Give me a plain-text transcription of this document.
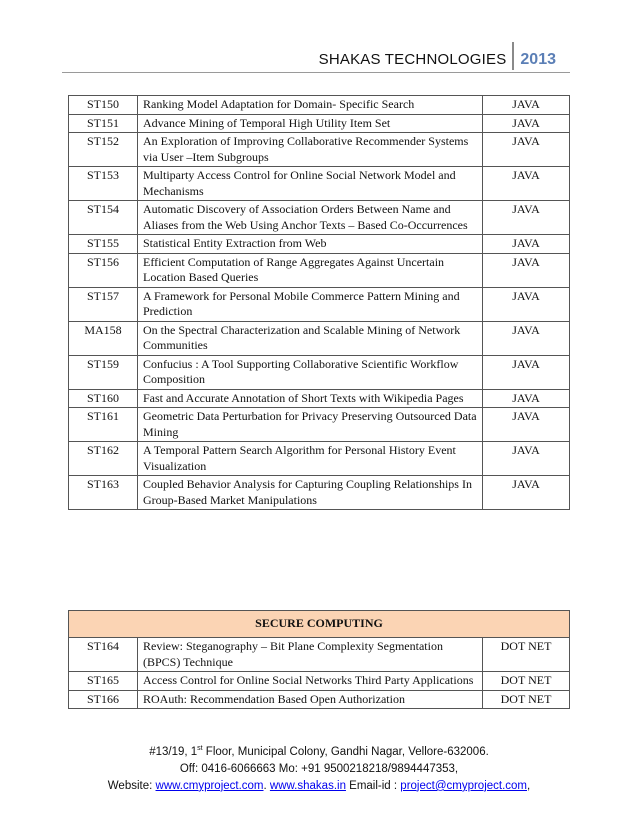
SHAKAS TECHNOLOGIES 2013
ST150	Ranking Model Adaptation for Domain- Specific Search	JAVA
ST151	Advance Mining of Temporal High Utility Item Set	JAVA
ST152	An Exploration of Improving Collaborative Recommender Systems via User –Item Subgroups	JAVA
ST153	Multiparty Access Control for Online Social Network Model and Mechanisms	JAVA
ST154	Automatic Discovery of Association Orders Between Name and Aliases from the Web Using Anchor Texts – Based Co-Occurrences	JAVA
ST155	Statistical Entity Extraction from Web	JAVA
ST156	Efficient Computation of Range Aggregates Against Uncertain Location Based Queries	JAVA
ST157	A Framework for Personal Mobile Commerce Pattern Mining and Prediction	JAVA
MA158	On the Spectral Characterization and Scalable Mining of Network Communities	JAVA
ST159	Confucius : A Tool Supporting Collaborative Scientific Workflow Composition	JAVA
ST160	Fast and Accurate Annotation of Short Texts with Wikipedia Pages	JAVA
ST161	Geometric Data Perturbation for Privacy Preserving Outsourced Data Mining	JAVA
ST162	A Temporal Pattern Search Algorithm for Personal History Event Visualization	JAVA
ST163	Coupled Behavior Analysis for Capturing Coupling Relationships In Group-Based Market Manipulations	JAVA
SECURE COMPUTING		
ST164	Review: Steganography – Bit Plane Complexity Segmentation (BPCS) Technique	DOT NET
ST165	Access Control for Online Social Networks Third Party Applications	DOT NET
ST166	ROAuth: Recommendation Based Open Authorization	DOT NET
#13/19, 1st Floor, Municipal Colony, Gandhi Nagar, Vellore-632006.
Off: 0416-6066663 Mo: +91 9500218218/9894447353,
Website: www.cmyproject.com. www.shakas.in Email-id : project@cmyproject.com,
